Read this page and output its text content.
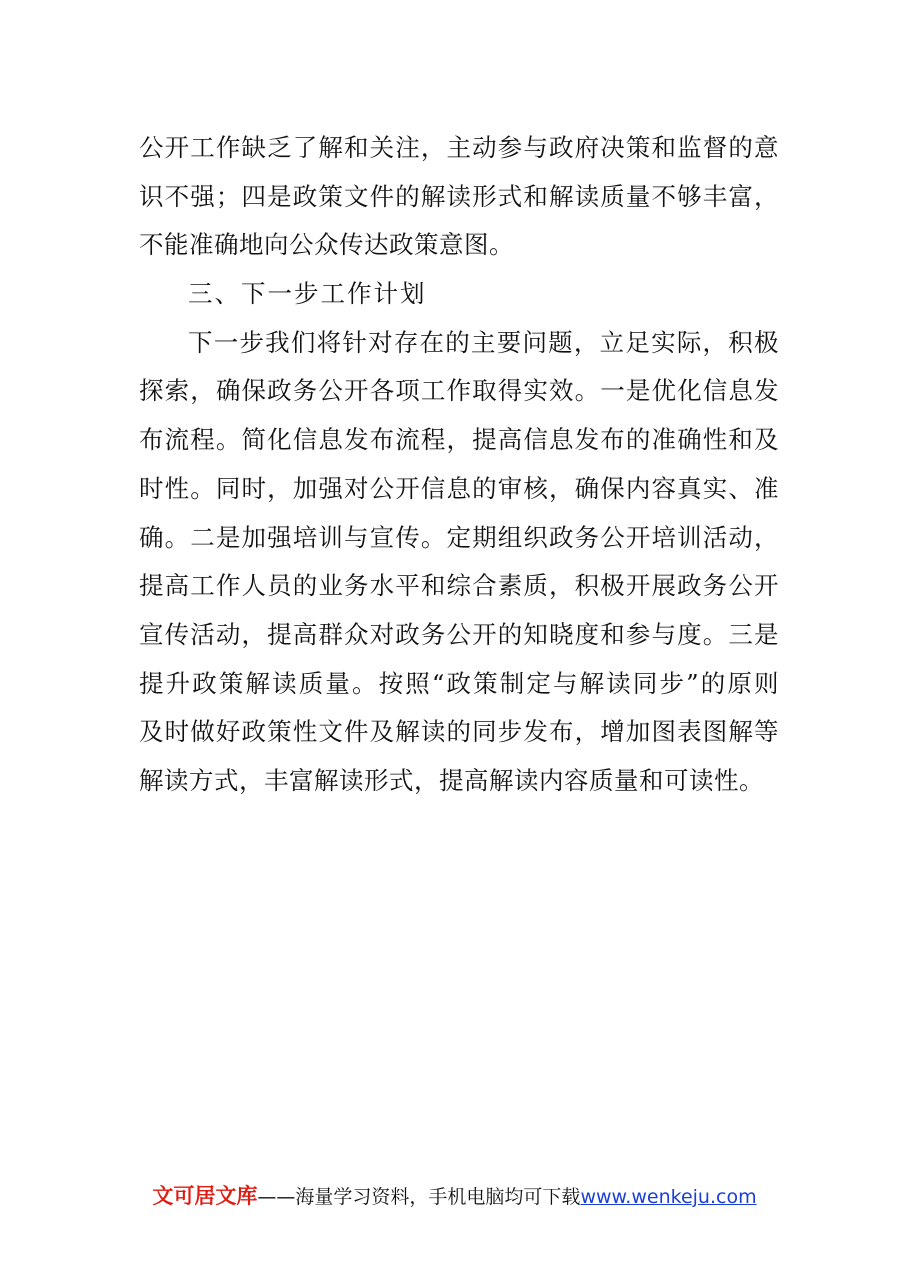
公开工作缺乏了解和关注，主动参与政府决策和监督的意
识不强；四是政策文件的解读形式和解读质量不够丰富，
不能准确地向公众传达政策意图。
三、下一步工作计划
下一步我们将针对存在的主要问题，立足实际，积极
探索，确保政务公开各项工作取得实效。一是优化信息发
布流程。简化信息发布流程，提高信息发布的准确性和及
时性。同时，加强对公开信息的审核，确保内容真实、准
确。二是加强培训与宣传。定期组织政务公开培训活动，
提高工作人员的业务水平和综合素质，积极开展政务公开
宣传活动，提高群众对政务公开的知晓度和参与度。三是
提升政策解读质量。按照“政策制定与解读同步”的原则
及时做好政策性文件及解读的同步发布，增加图表图解等
解读方式，丰富解读形式，提高解读内容质量和可读性。
文可居文库——海量学习资料，手机电脑均可下载www.wenkeju.com
